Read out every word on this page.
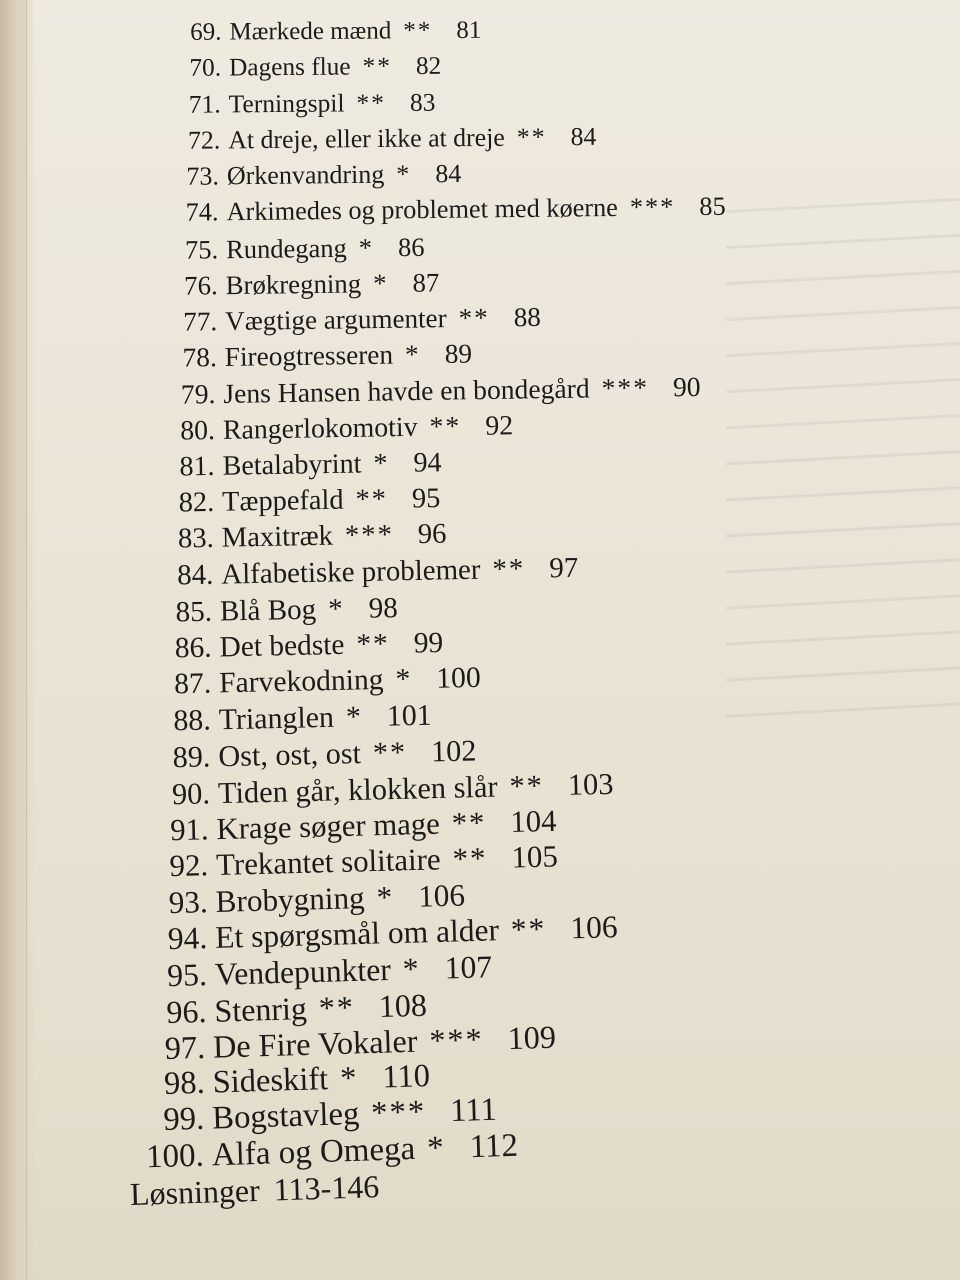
Løsninger 113-146
69. Mærkede mænd ** 81
70. Dagens flue ** 82
71. Terningspil ** 83
72. At dreje, eller ikke at dreje ** 84
73. Ørkenvandring * 84
74. Arkimedes og problemet med køerne *** 85
75. Rundegang * 86
76. Brøkregning * 87
77. Vægtige argumenter ** 88
78. Fireogtresseren * 89
79. Jens Hansen havde en bondegård *** 90
80. Rangerlokomotiv ** 92
81. Betalabyrint * 94
82. Tæppefald ** 95
83. Maxitræk *** 96
84. Alfabetiske problemer ** 97
85. Blå Bog * 98
86. Det bedste ** 99
87. Farvekodning * 100
88. Trianglen * 101
89. Ost, ost, ost ** 102
90. Tiden går, klokken slår ** 103
91. Krage søger mage ** 104
92. Trekantet solitaire ** 105
93. Brobygning * 106
94. Et spørgsmål om alder ** 106
95. Vendepunkter * 107
96. Stenrig ** 108
97. De Fire Vokaler *** 109
98. Sideskift * 110
99. Bogstavleg *** 111
100. Alfa og Omega * 112
